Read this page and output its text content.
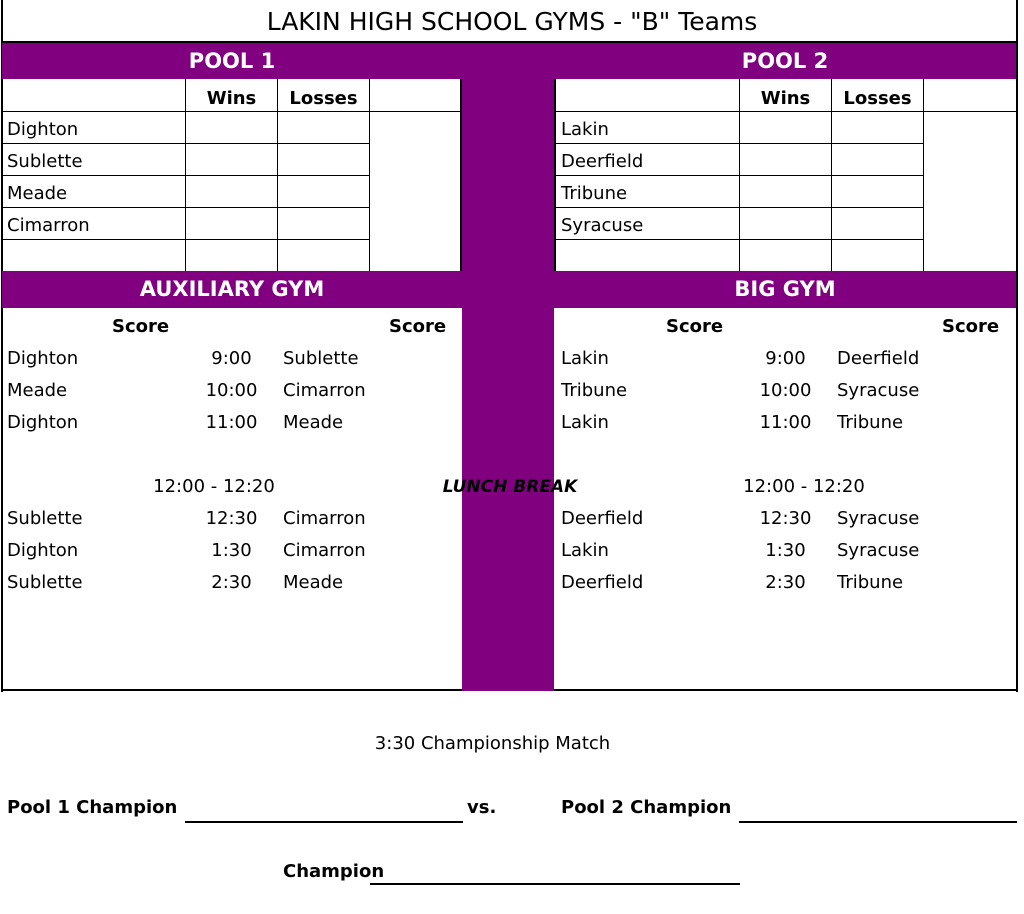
LAKIN HIGH SCHOOL GYMS - "B" Teams
POOL 1	POOL 2
AUXILIARY GYM	BIG GYM
Wins	Losses
Dighton
Sublette
Meade
Cimarron
Wins	Losses
Lakin
Deerfield
Tribune
Syracuse
Score	Score
Dighton	9:00	Sublette
Meade	10:00	Cimarron
Dighton	11:00	Meade
12:00 - 12:20
Sublette	12:30	Cimarron
Dighton	1:30	Cimarron
Sublette	2:30	Meade
Score	Score
Lakin	9:00	Deerfield
Tribune	10:00	Syracuse
Lakin	11:00	Tribune
12:00 - 12:20
Deerfield	12:30	Syracuse
Lakin	1:30	Syracuse
Deerfield	2:30	Tribune
LUNCH BREAK
3:30 Championship Match
Pool 1 Champion	vs.	Pool 2 Champion
Champion
